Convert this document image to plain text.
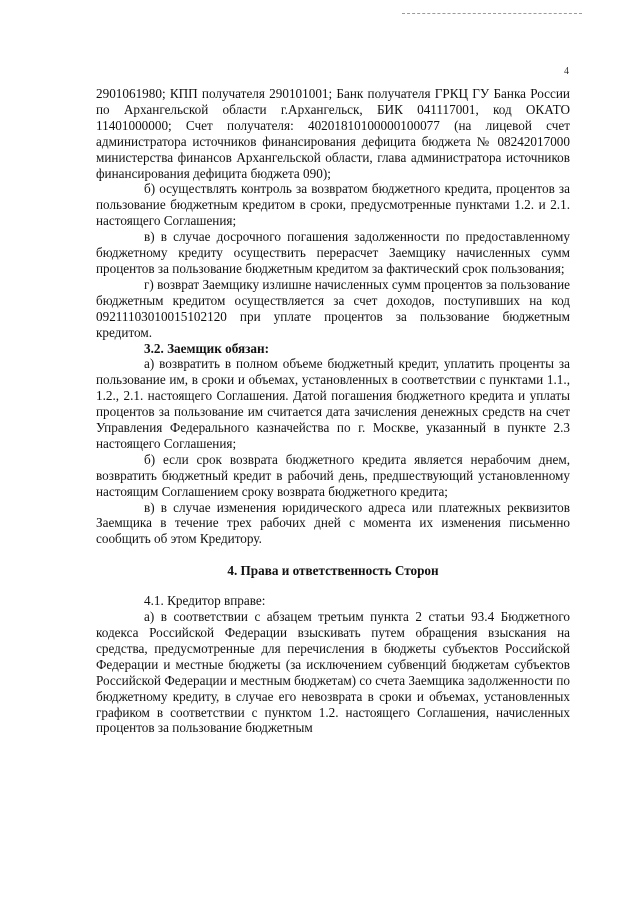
4

2901061980; КПП получателя 290101001; Банк получателя ГРКЦ ГУ Банка России по Архангельской области г.Архангельск, БИК 041117001, код ОКАТО 11401000000; Счет получателя: 40201810100000100077 (на лицевой счет администратора источников финансирования дефицита бюджета № 08242017000 министерства финансов Архангельской области, глава администратора источников финансирования дефицита бюджета 090);

б) осуществлять контроль за возвратом бюджетного кредита, процентов за пользование бюджетным кредитом в сроки, предусмотренные пунктами 1.2. и 2.1. настоящего Соглашения;

в) в случае досрочного погашения задолженности по предоставленному бюджетному кредиту осуществить перерасчет Заемщику начисленных сумм процентов за пользование бюджетным кредитом за фактический срок пользования;

г) возврат Заемщику излишне начисленных сумм процентов за пользование бюджетным кредитом осуществляется за счет доходов, поступивших на код 09211103010015102120 при уплате процентов за пользование бюджетным кредитом.

3.2. Заемщик обязан:

а) возвратить в полном объеме бюджетный кредит, уплатить проценты за пользование им, в сроки и объемах, установленных в соответствии с пунктами 1.1., 1.2., 2.1. настоящего Соглашения. Датой погашения бюджетного кредита и уплаты процентов за пользование им считается дата зачисления денежных средств на счет Управления Федерального казначейства по г. Москве, указанный в пункте 2.3 настоящего Соглашения;

б) если срок возврата бюджетного кредита является нерабочим днем, возвратить бюджетный кредит в рабочий день, предшествующий установленному настоящим Соглашением сроку возврата бюджетного кредита;

в) в случае изменения юридического адреса или платежных реквизитов Заемщика в течение трех рабочих дней с момента их изменения письменно сообщить об этом Кредитору.

4. Права и ответственность Сторон

4.1. Кредитор вправе:

а) в соответствии с абзацем третьим пункта 2 статьи 93.4 Бюджетного кодекса Российской Федерации взыскивать путем обращения взыскания на средства, предусмотренные для перечисления в бюджеты субъектов Российской Федерации и местные бюджеты (за исключением субвенций бюджетам субъектов Российской Федерации и местным бюджетам) со счета Заемщика задолженности по бюджетному кредиту, в случае его невозврата в сроки и объемах, установленных графиком в соответствии с пунктом 1.2. настоящего Соглашения, начисленных процентов за пользование бюджетным
